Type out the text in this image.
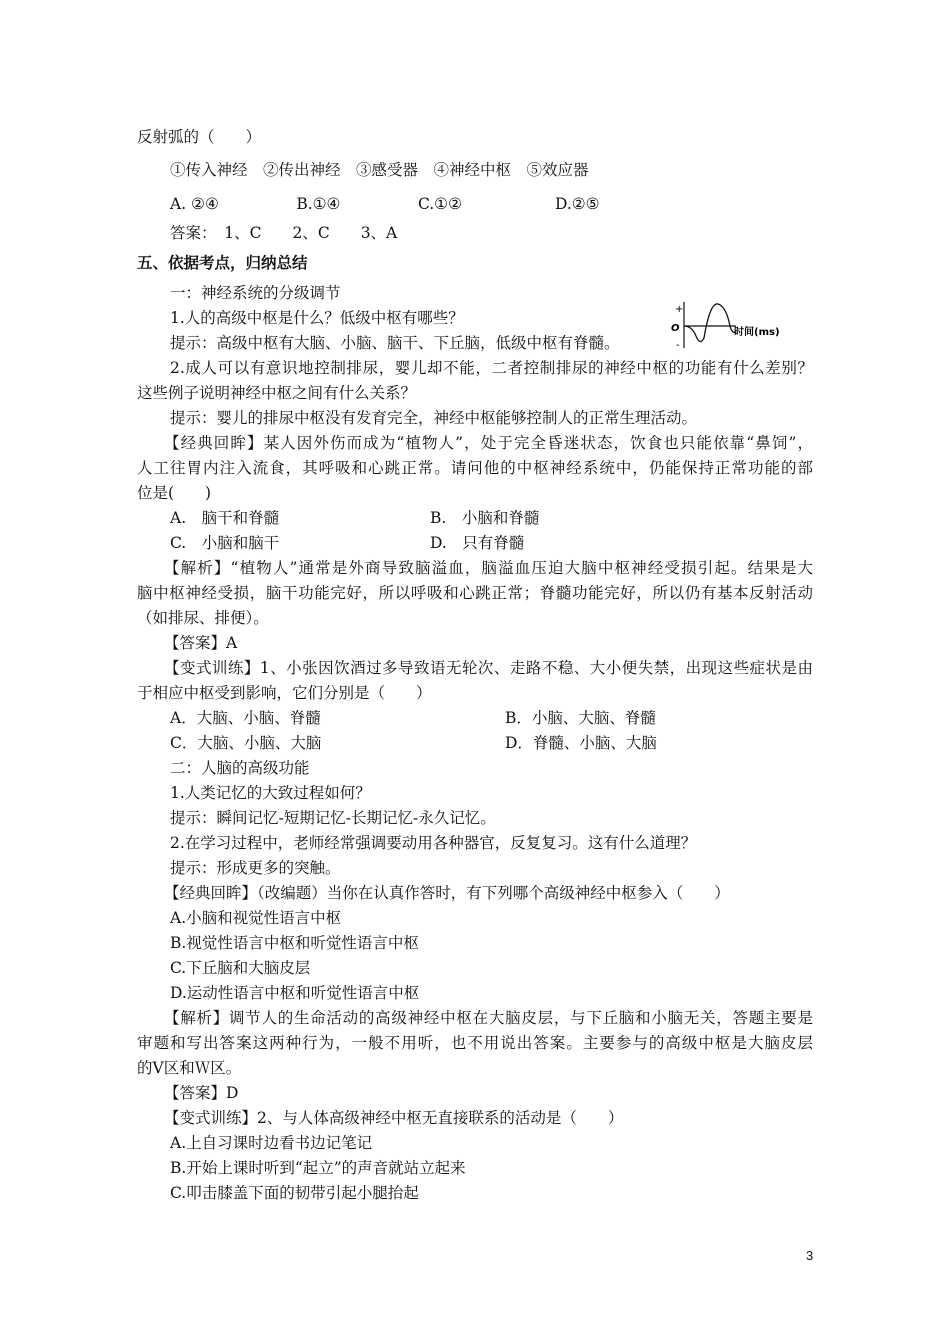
反射弧的（　　）
①传入神经　②传出神经　③感受器　④神经中枢　⑤效应器
A. ②④　　　　　B.①④　　　　　C.①②　　　　　　D.②⑤
答案：　1、C　　2、C　　3、A
五、依据考点，归纳总结
一：神经系统的分级调节
1.人的高级中枢是什么？低级中枢有哪些？
提示：高级中枢有大脑、小脑、脑干、下丘脑，低级中枢有脊髓。
2.成人可以有意识地控制排尿，婴儿却不能，二者控制排尿的神经中枢的功能有什么差别？
这些例子说明神经中枢之间有什么关系？
提示：婴儿的排尿中枢没有发育完全，神经中枢能够控制人的正常生理活动。
【经典回眸】某人因外伤而成为“植物人”，处于完全昏迷状态，饮食也只能依靠“鼻饲”，
人工往胃内注入流食，其呼吸和心跳正常。请问他的中枢神经系统中，仍能保持正常功能的部
位是(　　)
A.　脑干和脊髓	B.　小脑和脊髓
C.　小脑和脑干	D.　只有脊髓
【解析】“植物人”通常是外商导致脑溢血，脑溢血压迫大脑中枢神经受损引起。结果是大
脑中枢神经受损，脑干功能完好，所以呼吸和心跳正常；脊髓功能完好，所以仍有基本反射活动
（如排尿、排便）。
【答案】A
【变式训练】1、小张因饮酒过多导致语无轮次、走路不稳、大小便失禁，出现这些症状是由
于相应中枢受到影响，它们分别是（　　）
A．大脑、小脑、脊髓	B．小脑、大脑、脊髓
C．大脑、小脑、大脑	D．脊髓、小脑、大脑
二：人脑的高级功能
1.人类记忆的大致过程如何？
提示：瞬间记忆-短期记忆-长期记忆-永久记忆。
2.在学习过程中，老师经常强调要动用各种器官，反复复习。这有什么道理？
提示：形成更多的突触。
【经典回眸】（改编题）当你在认真作答时，有下列哪个高级神经中枢参入（　　）
A.小脑和视觉性语言中枢
B.视觉性语言中枢和听觉性语言中枢
C.下丘脑和大脑皮层
D.运动性语言中枢和听觉性语言中枢
【解析】调节人的生命活动的高级神经中枢在大脑皮层，与下丘脑和小脑无关，答题主要是
审题和写出答案这两种行为，一般不用听，也不用说出答案。主要参与的高级中枢是大脑皮层
的Ⅴ区和Ｗ区。
【答案】D
【变式训练】2、与人体高级神经中枢无直接联系的活动是（　　）
A.上自习课时边看书边记笔记
B.开始上课时听到“起立”的声音就站立起来
C.叩击膝盖下面的韧带引起小腿抬起
+
O
-
时间(ms)
3
